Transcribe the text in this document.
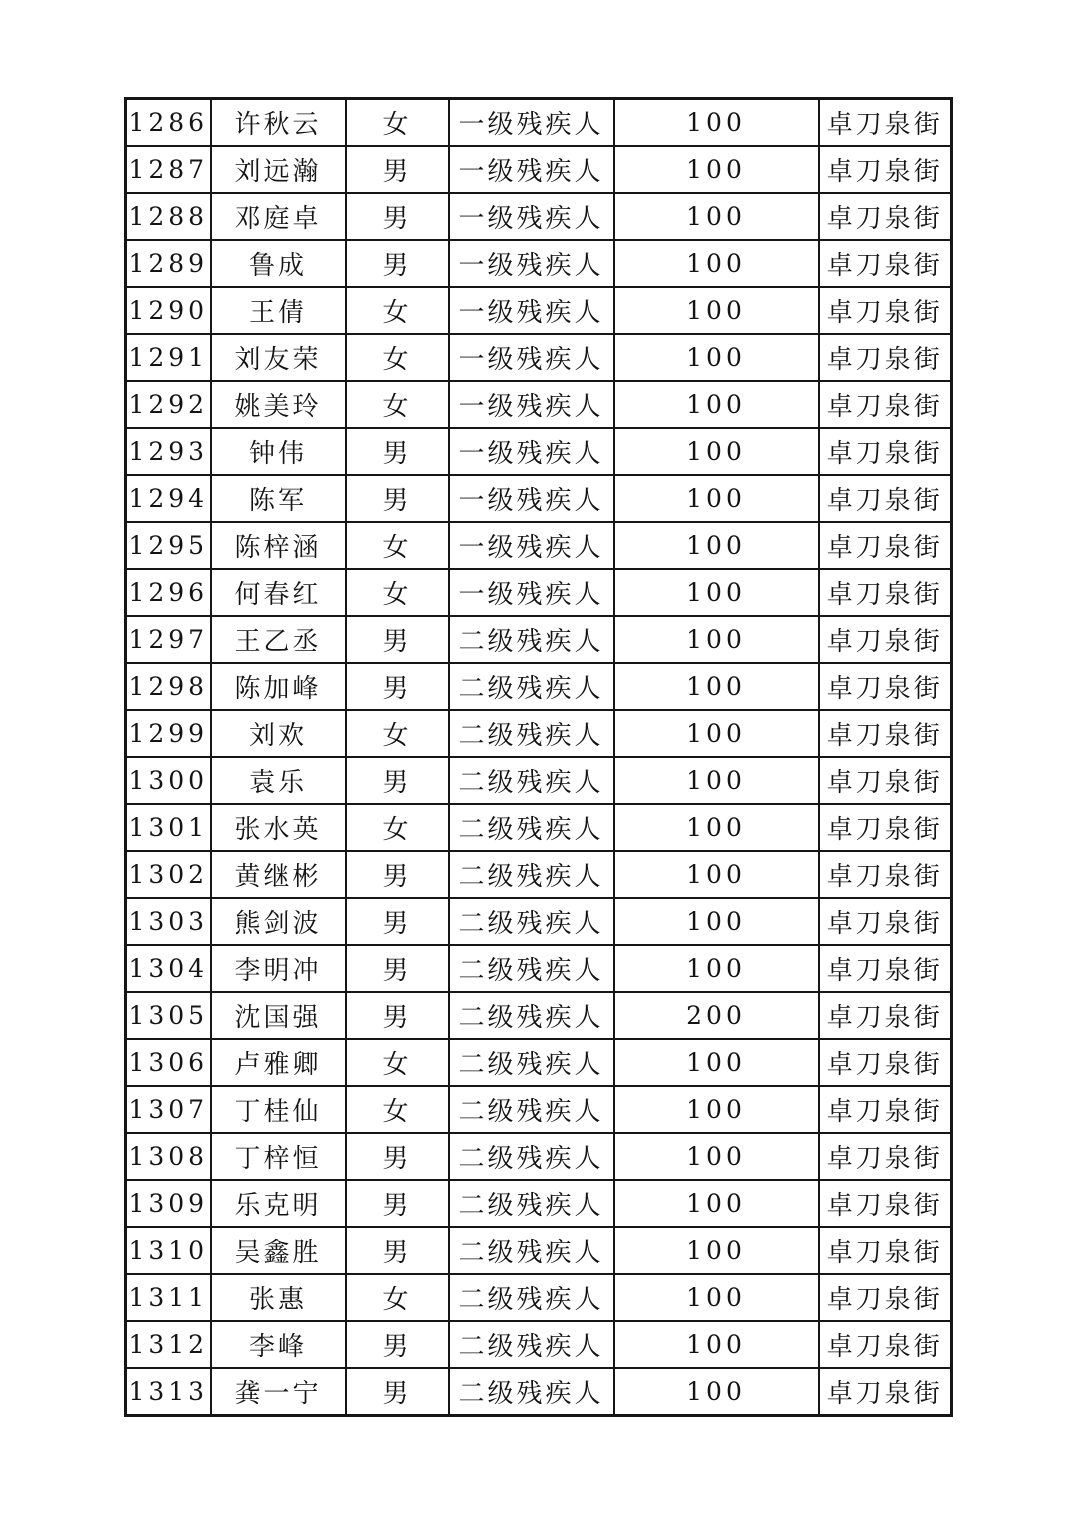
1286	许秋云	女	一级残疾人	100	卓刀泉街
1287	刘远瀚	男	一级残疾人	100	卓刀泉街
1288	邓庭卓	男	一级残疾人	100	卓刀泉街
1289	鲁成	男	一级残疾人	100	卓刀泉街
1290	王倩	女	一级残疾人	100	卓刀泉街
1291	刘友荣	女	一级残疾人	100	卓刀泉街
1292	姚美玲	女	一级残疾人	100	卓刀泉街
1293	钟伟	男	一级残疾人	100	卓刀泉街
1294	陈军	男	一级残疾人	100	卓刀泉街
1295	陈梓涵	女	一级残疾人	100	卓刀泉街
1296	何春红	女	一级残疾人	100	卓刀泉街
1297	王乙丞	男	二级残疾人	100	卓刀泉街
1298	陈加峰	男	二级残疾人	100	卓刀泉街
1299	刘欢	女	二级残疾人	100	卓刀泉街
1300	袁乐	男	二级残疾人	100	卓刀泉街
1301	张水英	女	二级残疾人	100	卓刀泉街
1302	黄继彬	男	二级残疾人	100	卓刀泉街
1303	熊剑波	男	二级残疾人	100	卓刀泉街
1304	李明冲	男	二级残疾人	100	卓刀泉街
1305	沈国强	男	二级残疾人	200	卓刀泉街
1306	卢雅卿	女	二级残疾人	100	卓刀泉街
1307	丁桂仙	女	二级残疾人	100	卓刀泉街
1308	丁梓恒	男	二级残疾人	100	卓刀泉街
1309	乐克明	男	二级残疾人	100	卓刀泉街
1310	吴鑫胜	男	二级残疾人	100	卓刀泉街
1311	张惠	女	二级残疾人	100	卓刀泉街
1312	李峰	男	二级残疾人	100	卓刀泉街
1313	龚一宁	男	二级残疾人	100	卓刀泉街
